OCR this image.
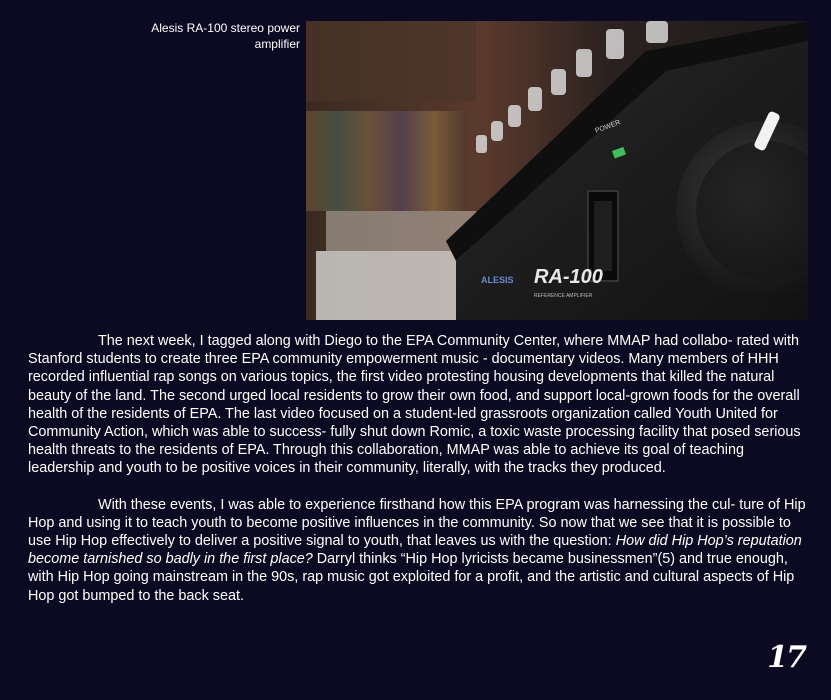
Alesis RA-100 stereo power
amplifier
POWER
ALESIS RA-100
REFERENCE AMPLIFIER

The next week, I tagged along with Diego to the EPA Community Center, where MMAP had collabo- rated with Stanford students to create three EPA community empowerment music - documentary videos. Many members of HHH recorded influential rap songs on various topics, the first video protesting housing developments that killed the natural beauty of the land. The second urged local residents to grow their own food, and support local-grown foods for the overall health of the residents of EPA. The last video focused on a student-led grassroots organization called Youth United for Community Action, which was able to success- fully shut down Romic, a toxic waste processing facility that posed serious health threats to the residents of EPA. Through this collaboration, MMAP was able to achieve its goal of teaching leadership and youth to be positive voices in their community, literally, with the tracks they produced.

With these events, I was able to experience firsthand how this EPA program was harnessing the cul- ture of Hip Hop and using it to teach youth to become positive influences in the community. So now that we see that it is possible to use Hip Hop effectively to deliver a positive signal to youth, that leaves us with the question: How did Hip Hop’s reputation become tarnished so badly in the first place? Darryl thinks “Hip Hop lyricists became businessmen”(5) and true enough, with Hip Hop going mainstream in the 90s, rap music got exploited for a profit, and the artistic and cultural aspects of Hip Hop got bumped to the back seat.

17
